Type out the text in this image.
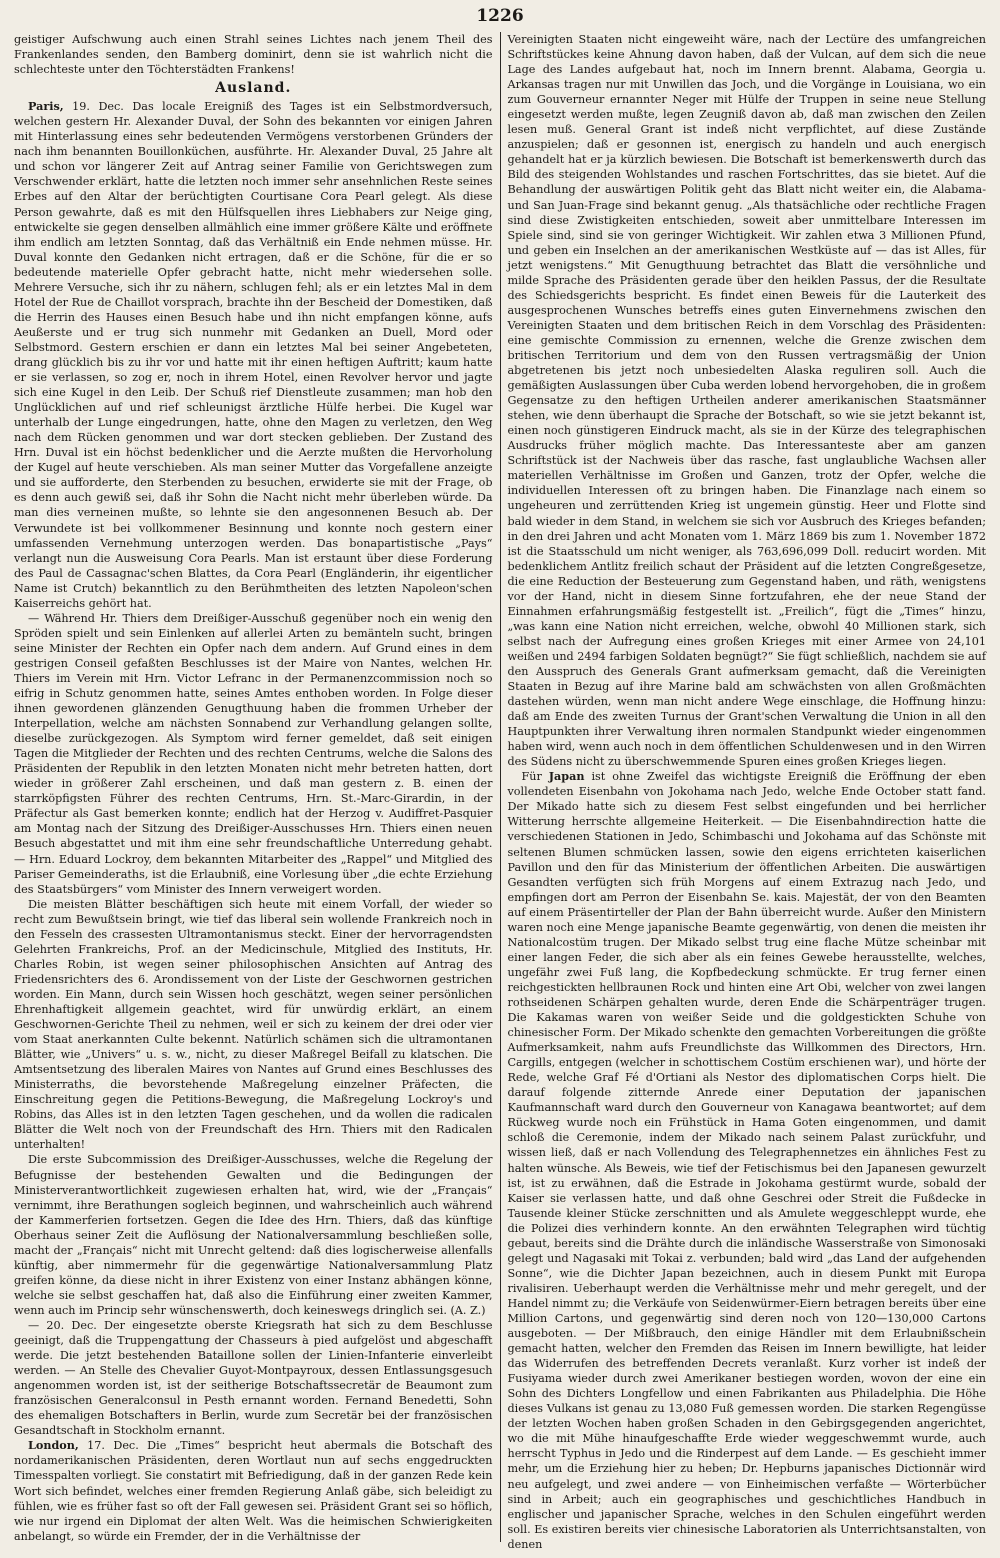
1226

geistiger Aufschwung auch einen Strahl seines Lichtes nach jenem Theil des Frankenlandes senden, den Bamberg dominirt, denn sie ist wahrlich nicht die schlechteste unter den Töchterstädten Frankens!

Ausland.

Paris, 19. Dec. Das locale Ereigniß des Tages ist ein Selbstmordversuch, welchen gestern Hr. Alexander Duval, der Sohn des bekannten vor einigen Jahren mit Hinterlassung eines sehr bedeutenden Vermögens verstorbenen Gründers der nach ihm benannten Bouillonküchen, ausführte. Hr. Alexander Duval, 25 Jahre alt und schon vor längerer Zeit auf Antrag seiner Familie von Gerichtswegen zum Verschwender erklärt, hatte die letzten noch immer sehr ansehnlichen Reste seines Erbes auf den Altar der berüchtigten Courtisane Cora Pearl gelegt. Als diese Person gewahrte, daß es mit den Hülfsquellen ihres Liebhabers zur Neige ging, entwickelte sie gegen denselben allmählich eine immer größere Kälte und eröffnete ihm endlich am letzten Sonntag, daß das Verhältniß ein Ende nehmen müsse. Hr. Duval konnte den Gedanken nicht ertragen, daß er die Schöne, für die er so bedeutende materielle Opfer gebracht hatte, nicht mehr wiedersehen solle. Mehrere Versuche, sich ihr zu nähern, schlugen fehl; als er ein letztes Mal in dem Hotel der Rue de Chaillot vorsprach, brachte ihn der Bescheid der Domestiken, daß die Herrin des Hauses einen Besuch habe und ihn nicht empfangen könne, aufs Aeußerste und er trug sich nunmehr mit Gedanken an Duell, Mord oder Selbstmord. Gestern erschien er dann ein letztes Mal bei seiner Angebeteten, drang glücklich bis zu ihr vor und hatte mit ihr einen heftigen Auftritt; kaum hatte er sie verlassen, so zog er, noch in ihrem Hotel, einen Revolver hervor und jagte sich eine Kugel in den Leib. Der Schuß rief Dienstleute zusammen; man hob den Unglücklichen auf und rief schleunigst ärztliche Hülfe herbei. Die Kugel war unterhalb der Lunge eingedrungen, hatte, ohne den Magen zu verletzen, den Weg nach dem Rücken genommen und war dort stecken geblieben. Der Zustand des Hrn. Duval ist ein höchst bedenklicher und die Aerzte mußten die Hervorholung der Kugel auf heute verschieben. Als man seiner Mutter das Vorgefallene anzeigte und sie aufforderte, den Sterbenden zu besuchen, erwiderte sie mit der Frage, ob es denn auch gewiß sei, daß ihr Sohn die Nacht nicht mehr überleben würde. Da man dies verneinen mußte, so lehnte sie den angesonnenen Besuch ab. Der Verwundete ist bei vollkommener Besinnung und konnte noch gestern einer umfassenden Vernehmung unterzogen werden. Das bonapartistische „Pays“ verlangt nun die Ausweisung Cora Pearls. Man ist erstaunt über diese Forderung des Paul de Cassagnac'schen Blattes, da Cora Pearl (Engländerin, ihr eigentlicher Name ist Crutch) bekanntlich zu den Berühmtheiten des letzten Napoleon'schen Kaiserreichs gehört hat.

— Während Hr. Thiers dem Dreißiger-Ausschuß gegenüber noch ein wenig den Spröden spielt und sein Einlenken auf allerlei Arten zu bemänteln sucht, bringen seine Minister der Rechten ein Opfer nach dem andern. Auf Grund eines in dem gestrigen Conseil gefaßten Beschlusses ist der Maire von Nantes, welchen Hr. Thiers im Verein mit Hrn. Victor Lefranc in der Permanenzcommission noch so eifrig in Schutz genommen hatte, seines Amtes enthoben worden. In Folge dieser ihnen gewordenen glänzenden Genugthuung haben die frommen Urheber der Interpellation, welche am nächsten Sonnabend zur Verhandlung gelangen sollte, dieselbe zurückgezogen. Als Symptom wird ferner gemeldet, daß seit einigen Tagen die Mitglieder der Rechten und des rechten Centrums, welche die Salons des Präsidenten der Republik in den letzten Monaten nicht mehr betreten hatten, dort wieder in größerer Zahl erscheinen, und daß man gestern z. B. einen der starrköpfigsten Führer des rechten Centrums, Hrn. St.-Marc-Girardin, in der Präfectur als Gast bemerken konnte; endlich hat der Herzog v. Audiffret-Pasquier am Montag nach der Sitzung des Dreißiger-Ausschusses Hrn. Thiers einen neuen Besuch abgestattet und mit ihm eine sehr freundschaftliche Unterredung gehabt. — Hrn. Eduard Lockroy, dem bekannten Mitarbeiter des „Rappel“ und Mitglied des Pariser Gemeinderaths, ist die Erlaubniß, eine Vorlesung über „die echte Erziehung des Staatsbürgers“ vom Minister des Innern verweigert worden.

Die meisten Blätter beschäftigen sich heute mit einem Vorfall, der wieder so recht zum Bewußtsein bringt, wie tief das liberal sein wollende Frankreich noch in den Fesseln des crassesten Ultramontanismus steckt. Einer der hervorragendsten Gelehrten Frankreichs, Prof. an der Medicinschule, Mitglied des Instituts, Hr. Charles Robin, ist wegen seiner philosophischen Ansichten auf Antrag des Friedensrichters des 6. Arondissement von der Liste der Geschwornen gestrichen worden. Ein Mann, durch sein Wissen hoch geschätzt, wegen seiner persönlichen Ehrenhaftigkeit allgemein geachtet, wird für unwürdig erklärt, an einem Geschwornen-Gerichte Theil zu nehmen, weil er sich zu keinem der drei oder vier vom Staat anerkannten Culte bekennt. Natürlich schämen sich die ultramontanen Blätter, wie „Univers“ u. s. w., nicht, zu dieser Maßregel Beifall zu klatschen. Die Amtsentsetzung des liberalen Maires von Nantes auf Grund eines Beschlusses des Ministerraths, die bevorstehende Maßregelung einzelner Präfecten, die Einschreitung gegen die Petitions-Bewegung, die Maßregelung Lockroy's und Robins, das Alles ist in den letzten Tagen geschehen, und da wollen die radicalen Blätter die Welt noch von der Freundschaft des Hrn. Thiers mit den Radicalen unterhalten!

Die erste Subcommission des Dreißiger-Ausschusses, welche die Regelung der Befugnisse der bestehenden Gewalten und die Bedingungen der Ministerverantwortlichkeit zugewiesen erhalten hat, wird, wie der „Français“ vernimmt, ihre Berathungen sogleich beginnen, und wahrscheinlich auch während der Kammerferien fortsetzen. Gegen die Idee des Hrn. Thiers, daß das künftige Oberhaus seiner Zeit die Auflösung der Nationalversammlung beschließen solle, macht der „Français“ nicht mit Unrecht geltend: daß dies logischerweise allenfalls künftig, aber nimmermehr für die gegenwärtige Nationalversammlung Platz greifen könne, da diese nicht in ihrer Existenz von einer Instanz abhängen könne, welche sie selbst geschaffen hat, daß also die Einführung einer zweiten Kammer, wenn auch im Princip sehr wünschenswerth, doch keineswegs dringlich sei. (A. Z.)

— 20. Dec. Der eingesetzte oberste Kriegsrath hat sich zu dem Beschlusse geeinigt, daß die Truppengattung der Chasseurs à pied aufgelöst und abgeschafft werde. Die jetzt bestehenden Bataillone sollen der Linien-Infanterie einverleibt werden. — An Stelle des Chevalier Guyot-Montpayroux, dessen Entlassungsgesuch angenommen worden ist, ist der seitherige Botschaftssecretär de Beaumont zum französischen Generalconsul in Pesth ernannt worden. Fernand Benedetti, Sohn des ehemaligen Botschafters in Berlin, wurde zum Secretär bei der französischen Gesandtschaft in Stockholm ernannt.

London, 17. Dec. Die „Times“ bespricht heut abermals die Botschaft des nordamerikanischen Präsidenten, deren Wortlaut nun auf sechs enggedruckten Timesspalten vorliegt. Sie constatirt mit Befriedigung, daß in der ganzen Rede kein Wort sich befindet, welches einer fremden Regierung Anlaß gäbe, sich beleidigt zu fühlen, wie es früher fast so oft der Fall gewesen sei. Präsident Grant sei so höflich, wie nur irgend ein Diplomat der alten Welt. Was die heimischen Schwierigkeiten anbelangt, so würde ein Fremder, der in die Verhältnisse der

Vereinigten Staaten nicht eingeweiht wäre, nach der Lectüre des umfangreichen Schriftstückes keine Ahnung davon haben, daß der Vulcan, auf dem sich die neue Lage des Landes aufgebaut hat, noch im Innern brennt. Alabama, Georgia u. Arkansas tragen nur mit Unwillen das Joch, und die Vorgänge in Louisiana, wo ein zum Gouverneur ernannter Neger mit Hülfe der Truppen in seine neue Stellung eingesetzt werden mußte, legen Zeugniß davon ab, daß man zwischen den Zeilen lesen muß. General Grant ist indeß nicht verpflichtet, auf diese Zustände anzuspielen; daß er gesonnen ist, energisch zu handeln und auch energisch gehandelt hat er ja kürzlich bewiesen. Die Botschaft ist bemerkenswerth durch das Bild des steigenden Wohlstandes und raschen Fortschrittes, das sie bietet. Auf die Behandlung der auswärtigen Politik geht das Blatt nicht weiter ein, die Alabama- und San Juan-Frage sind bekannt genug. „Als thatsächliche oder rechtliche Fragen sind diese Zwistigkeiten entschieden, soweit aber unmittelbare Interessen im Spiele sind, sind sie von geringer Wichtigkeit. Wir zahlen etwa 3 Millionen Pfund, und geben ein Inselchen an der amerikanischen Westküste auf — das ist Alles, für jetzt wenigstens.“ Mit Genugthuung betrachtet das Blatt die versöhnliche und milde Sprache des Präsidenten gerade über den heiklen Passus, der die Resultate des Schiedsgerichts bespricht. Es findet einen Beweis für die Lauterkeit des ausgesprochenen Wunsches betreffs eines guten Einvernehmens zwischen den Vereinigten Staaten und dem britischen Reich in dem Vorschlag des Präsidenten: eine gemischte Commission zu ernennen, welche die Grenze zwischen dem britischen Territorium und dem von den Russen vertragsmäßig der Union abgetretenen bis jetzt noch unbesiedelten Alaska reguliren soll. Auch die gemäßigten Auslassungen über Cuba werden lobend hervorgehoben, die in großem Gegensatze zu den heftigen Urtheilen anderer amerikanischen Staatsmänner stehen, wie denn überhaupt die Sprache der Botschaft, so wie sie jetzt bekannt ist, einen noch günstigeren Eindruck macht, als sie in der Kürze des telegraphischen Ausdrucks früher möglich machte. Das Interessanteste aber am ganzen Schriftstück ist der Nachweis über das rasche, fast unglaubliche Wachsen aller materiellen Verhältnisse im Großen und Ganzen, trotz der Opfer, welche die individuellen Interessen oft zu bringen haben. Die Finanzlage nach einem so ungeheuren und zerrüttenden Krieg ist ungemein günstig. Heer und Flotte sind bald wieder in dem Stand, in welchem sie sich vor Ausbruch des Krieges befanden; in den drei Jahren und acht Monaten vom 1. März 1869 bis zum 1. November 1872 ist die Staatsschuld um nicht weniger, als 763,696,099 Doll. reducirt worden. Mit bedenklichem Antlitz freilich schaut der Präsident auf die letzten Congreßgesetze, die eine Reduction der Besteuerung zum Gegenstand haben, und räth, wenigstens vor der Hand, nicht in diesem Sinne fortzufahren, ehe der neue Stand der Einnahmen erfahrungsmäßig festgestellt ist. „Freilich“, fügt die „Times“ hinzu, „was kann eine Nation nicht erreichen, welche, obwohl 40 Millionen stark, sich selbst nach der Aufregung eines großen Krieges mit einer Armee von 24,101 weißen und 2494 farbigen Soldaten begnügt?“ Sie fügt schließlich, nachdem sie auf den Ausspruch des Generals Grant aufmerksam gemacht, daß die Vereinigten Staaten in Bezug auf ihre Marine bald am schwächsten von allen Großmächten dastehen würden, wenn man nicht andere Wege einschlage, die Hoffnung hinzu: daß am Ende des zweiten Turnus der Grant'schen Verwaltung die Union in all den Hauptpunkten ihrer Verwaltung ihren normalen Standpunkt wieder eingenommen haben wird, wenn auch noch in dem öffentlichen Schuldenwesen und in den Wirren des Südens nicht zu überschwemmende Spuren eines großen Krieges liegen.

Für Japan ist ohne Zweifel das wichtigste Ereigniß die Eröffnung der eben vollendeten Eisenbahn von Jokohama nach Jedo, welche Ende October statt fand. Der Mikado hatte sich zu diesem Fest selbst eingefunden und bei herrlicher Witterung herrschte allgemeine Heiterkeit. — Die Eisenbahndirection hatte die verschiedenen Stationen in Jedo, Schimbaschi und Jokohama auf das Schönste mit seltenen Blumen schmücken lassen, sowie den eigens errichteten kaiserlichen Pavillon und den für das Ministerium der öffentlichen Arbeiten. Die auswärtigen Gesandten verfügten sich früh Morgens auf einem Extrazug nach Jedo, und empfingen dort am Perron der Eisenbahn Se. kais. Majestät, der von den Beamten auf einem Präsentirteller der Plan der Bahn überreicht wurde. Außer den Ministern waren noch eine Menge japanische Beamte gegenwärtig, von denen die meisten ihr Nationalcostüm trugen. Der Mikado selbst trug eine flache Mütze scheinbar mit einer langen Feder, die sich aber als ein feines Gewebe herausstellte, welches, ungefähr zwei Fuß lang, die Kopfbedeckung schmückte. Er trug ferner einen reichgestickten hellbraunen Rock und hinten eine Art Obi, welcher von zwei langen rothseidenen Schärpen gehalten wurde, deren Ende die Schärpenträger trugen. Die Kakamas waren von weißer Seide und die goldgestickten Schuhe von chinesischer Form. Der Mikado schenkte den gemachten Vorbereitungen die größte Aufmerksamkeit, nahm aufs Freundlichste das Willkommen des Directors, Hrn. Cargills, entgegen (welcher in schottischem Costüm erschienen war), und hörte der Rede, welche Graf Fé d'Ortiani als Nestor des diplomatischen Corps hielt. Die darauf folgende zitternde Anrede einer Deputation der japanischen Kaufmannschaft ward durch den Gouverneur von Kanagawa beantwortet; auf dem Rückweg wurde noch ein Frühstück in Hama Goten eingenommen, und damit schloß die Ceremonie, indem der Mikado nach seinem Palast zurückfuhr, und wissen ließ, daß er nach Vollendung des Telegraphennetzes ein ähnliches Fest zu halten wünsche. Als Beweis, wie tief der Fetischismus bei den Japanesen gewurzelt ist, ist zu erwähnen, daß die Estrade in Jokohama gestürmt wurde, sobald der Kaiser sie verlassen hatte, und daß ohne Geschrei oder Streit die Fußdecke in Tausende kleiner Stücke zerschnitten und als Amulete weggeschleppt wurde, ehe die Polizei dies verhindern konnte. An den erwähnten Telegraphen wird tüchtig gebaut, bereits sind die Drähte durch die inländische Wasserstraße von Simonosaki gelegt und Nagasaki mit Tokai z. verbunden; bald wird „das Land der aufgehenden Sonne“, wie die Dichter Japan bezeichnen, auch in diesem Punkt mit Europa rivalisiren. Ueberhaupt werden die Verhältnisse mehr und mehr geregelt, und der Handel nimmt zu; die Verkäufe von Seidenwürmer-Eiern betragen bereits über eine Million Cartons, und gegenwärtig sind deren noch von 120—130,000 Cartons ausgeboten. — Der Mißbrauch, den einige Händler mit dem Erlaubnißschein gemacht hatten, welcher den Fremden das Reisen im Innern bewilligte, hat leider das Widerrufen des betreffenden Decrets veranlaßt. Kurz vorher ist indeß der Fusiyama wieder durch zwei Amerikaner bestiegen worden, wovon der eine ein Sohn des Dichters Longfellow und einen Fabrikanten aus Philadelphia. Die Höhe dieses Vulkans ist genau zu 13,080 Fuß gemessen worden. Die starken Regengüsse der letzten Wochen haben großen Schaden in den Gebirgsgegenden angerichtet, wo die mit Mühe hinaufgeschaffte Erde wieder weggeschwemmt wurde, auch herrscht Typhus in Jedo und die Rinderpest auf dem Lande. — Es geschieht immer mehr, um die Erziehung hier zu heben; Dr. Hepburns japanisches Dictionnär wird neu aufgelegt, und zwei andere — von Einheimischen verfaßte — Wörterbücher sind in Arbeit; auch ein geographisches und geschichtliches Handbuch in englischer und japanischer Sprache, welches in den Schulen eingeführt werden soll. Es existiren bereits vier chinesische Laboratorien als Unterrichtsanstalten, von denen
